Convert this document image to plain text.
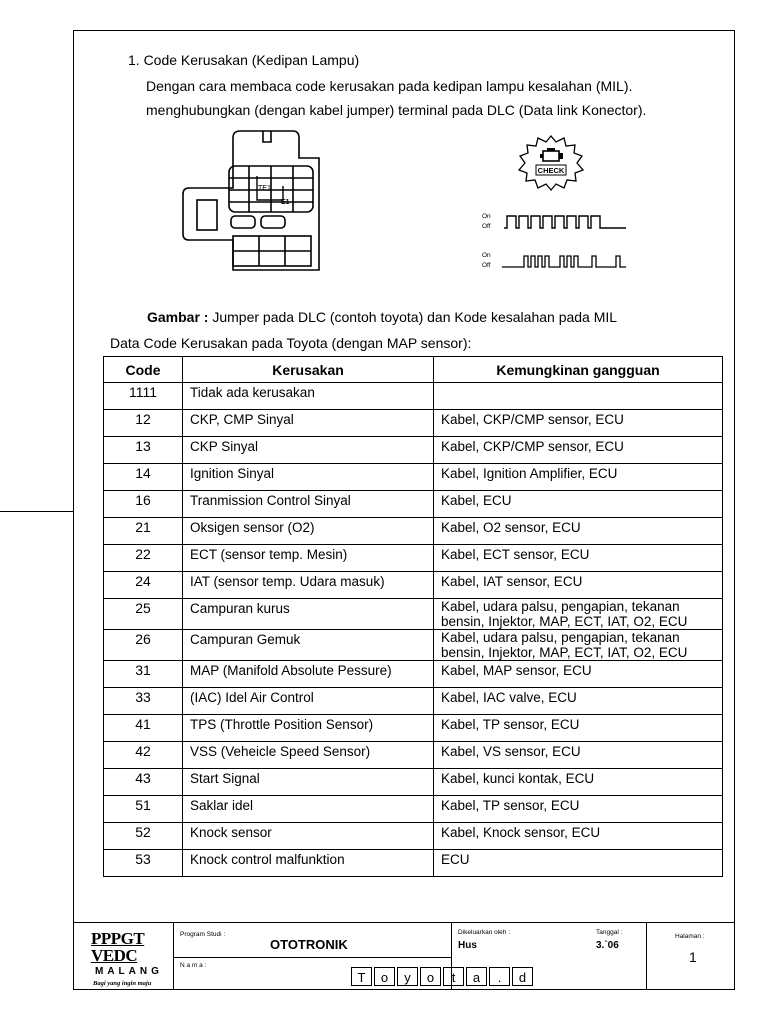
1. Code Kerusakan (Kedipan Lampu)
Dengan cara membaca code kerusakan pada kedipan lampu kesalahan (MIL).
menghubungkan (dengan kabel jumper) terminal pada DLC (Data link Konector).
TE1
E1
CHECK
On
Off
On
Off
Gambar : Jumper pada DLC (contoh toyota) dan Kode kesalahan pada MIL
Data Code Kerusakan pada Toyota (dengan MAP sensor):
Code	Kerusakan	Kemungkinan gangguan
1111	Tidak ada kerusakan	

12	CKP, CMP Sinyal	Kabel, CKP/CMP sensor, ECU

13	CKP Sinyal	Kabel, CKP/CMP sensor, ECU

14	Ignition Sinyal	Kabel, Ignition Amplifier, ECU

16	Tranmission Control Sinyal	Kabel, ECU

21	Oksigen sensor (O2)	Kabel, O2 sensor, ECU

22	ECT (sensor temp. Mesin)	Kabel, ECT sensor, ECU

24	IAT (sensor temp. Udara masuk)	Kabel, IAT sensor, ECU

25	Campuran kurus	Kabel, udara palsu, pengapian, tekanan
bensin, Injektor, MAP, ECT, IAT, O2, ECU

26	Campuran Gemuk	Kabel, udara palsu, pengapian, tekanan
bensin, Injektor, MAP, ECT, IAT, O2, ECU

31	MAP (Manifold Absolute Pessure)	Kabel, MAP sensor, ECU

33	(IAC) Idel Air Control	Kabel, IAC valve, ECU

41	TPS (Throttle Position Sensor)	Kabel, TP sensor, ECU

42	VSS (Veheicle Speed Sensor)	Kabel, VS sensor, ECU

43	Start Signal	Kabel, kunci kontak, ECU

51	Saklar idel	Kabel, TP sensor, ECU

52	Knock sensor	Kabel, Knock sensor, ECU

53	Knock control malfunktion	ECU
PPPGT
VEDC
MALANG
Bagi yang ingin maju
Program Studi :
OTOTRONIK
N a m a :
Dikeluarkan oleh :
Hus
Tanggal :
3.`06
Halaman :
1
T	o	y	o	t	a	.	d
